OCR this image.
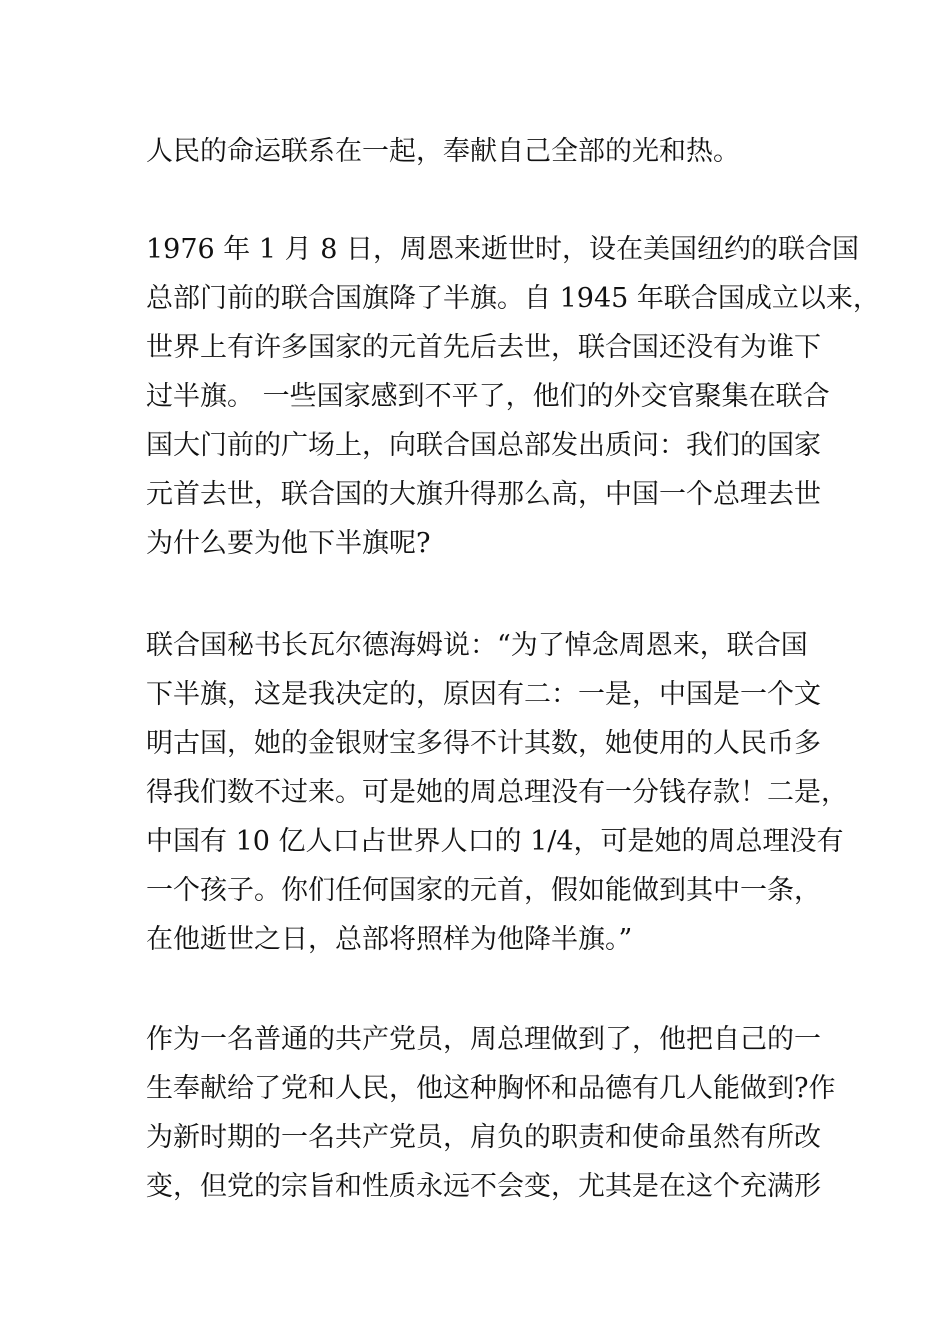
人民的命运联系在一起，奉献自己全部的光和热。
1976 年 1 月 8 日，周恩来逝世时，设在美国纽约的联合国
总部门前的联合国旗降了半旗。自 1945 年联合国成立以来，
世界上有许多国家的元首先后去世，联合国还没有为谁下
过半旗。 一些国家感到不平了，他们的外交官聚集在联合
国大门前的广场上，向联合国总部发出质问：我们的国家
元首去世，联合国的大旗升得那么高，中国一个总理去世
为什么要为他下半旗呢?
联合国秘书长瓦尔德海姆说：“为了悼念周恩来，联合国
下半旗，这是我决定的，原因有二：一是，中国是一个文
明古国，她的金银财宝多得不计其数，她使用的人民币多
得我们数不过来。可是她的周总理没有一分钱存款！二是，
中国有 10 亿人口占世界人口的 1/4，可是她的周总理没有
一个孩子。你们任何国家的元首，假如能做到其中一条，
在他逝世之日，总部将照样为他降半旗。”
作为一名普通的共产党员，周总理做到了，他把自己的一
生奉献给了党和人民，他这种胸怀和品德有几人能做到?作
为新时期的一名共产党员，肩负的职责和使命虽然有所改
变，但党的宗旨和性质永远不会变，尤其是在这个充满形
